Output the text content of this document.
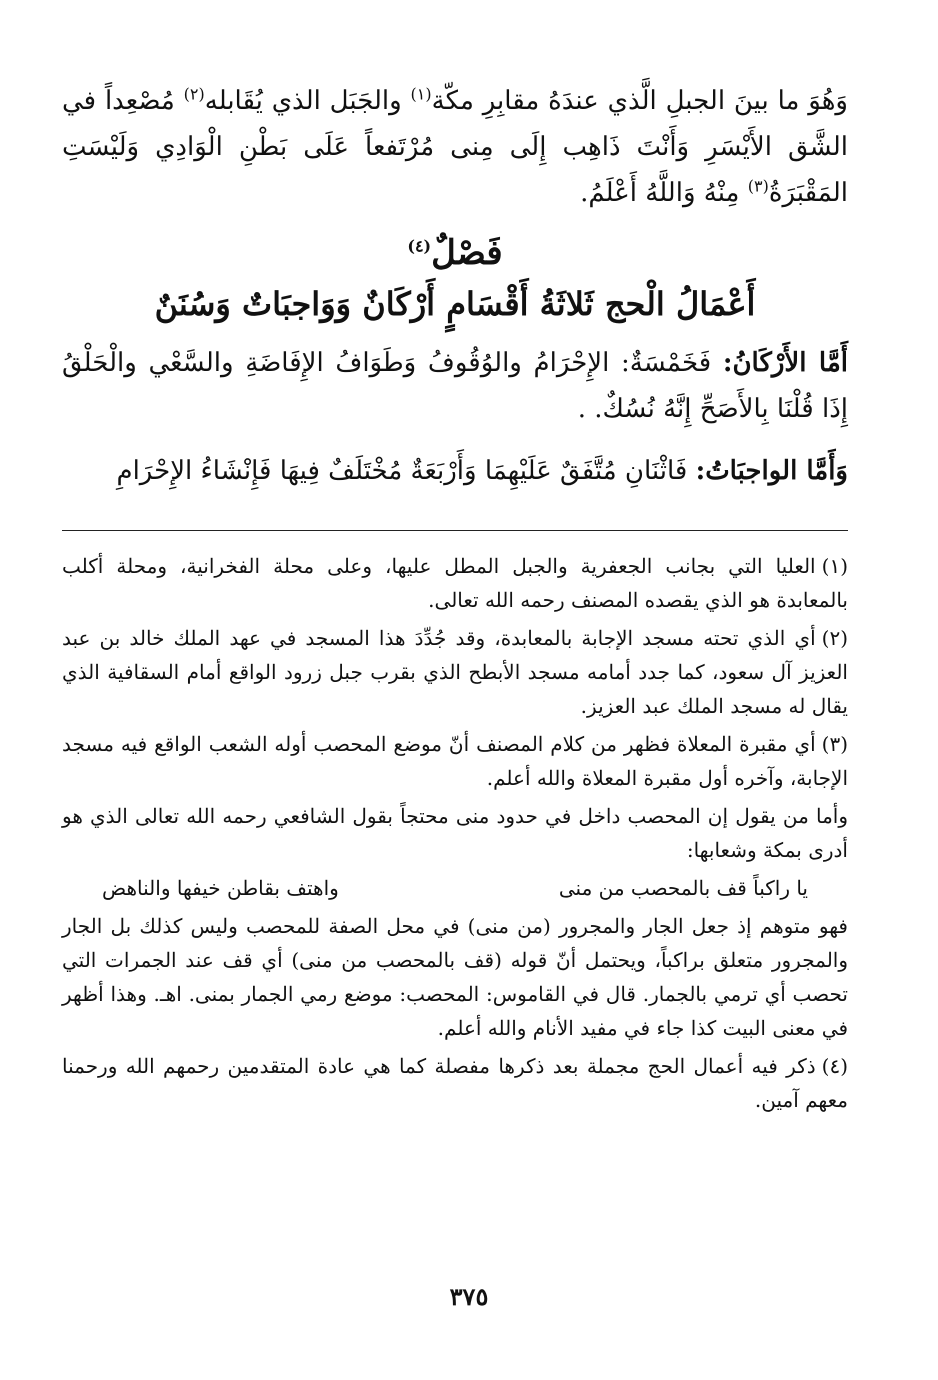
وَهُوَ ما بينَ الجبلِ الَّذي عندَهُ مقابِرِ مكّة$^{(١)}$ والجَبَل الذي يُقَابله$^{(٢)}$ مُصْعِداً في الشَّق الأَيْسَرِ وَأَنْتَ ذَاهِب إِلَى مِنى مُرْتَفعاً عَلَى بَطْنِ الْوَادِي وَلَيْسَتِ المَقْبَرَةُ$^{(٣)}$ مِنْهُ وَاللَّهُ أَعْلَمُ.

فَصْلٌ$^{(٤)}$

أَعْمَالُ الْحج ثَلاثَةُ أَقْسَامٍ أَرْكَانٌ وَوَاجبَاتٌ وَسُنَنٌ

أَمَّا الأَرْكَانُ: فَخَمْسَةٌ: الإِحْرَامُ والوُقُوفُ وَطَوَافُ الإِفَاضَةِ والسَّعْي والْحَلْقُ إِذَا قُلْنَا بِالأَصَحِّ إِنَّهُ نُسُكٌ. .

وَأَمَّا الواجبَاتُ: فَاثْنَانِ مُتَّفَقٌ عَلَيْهِمَا وَأَرْبَعَةٌ مُخْتَلَفٌ فِيهَا فَإِنْشَاءُ الإِحْرَامِ

(١)العليا التي بجانب الجعفرية والجبل المطل عليها، وعلى محلة الفخرانية، ومحلة أكلب بالمعابدة هو الذي يقصده المصنف رحمه الله تعالى.

(٢)أي الذي تحته مسجد الإجابة بالمعابدة، وقد جُدِّدَ هذا المسجد في عهد الملك خالد بن عبد العزيز آل سعود، كما جدد أمامه مسجد الأبطح الذي بقرب جبل زرود الواقع أمام السقافية الذي يقال له مسجد الملك عبد العزيز.

(٣)أي مقبرة المعلاة فظهر من كلام المصنف أنّ موضع المحصب أوله الشعب الواقع فيه مسجد الإجابة، وآخره أول مقبرة المعلاة والله أعلم.

وأما من يقول إن المحصب داخل في حدود منى محتجاً بقول الشافعي رحمه الله تعالى الذي هو أدرى بمكة وشعابها:

يا راكباً قف بالمحصب من منى
واهتف بقاطن خيفها والناهض

فهو متوهم إذ جعل الجار والمجرور (من منى) في محل الصفة للمحصب وليس كذلك بل الجار والمجرور متعلق براكباً، ويحتمل أنّ قوله (قف بالمحصب من منى) أي قف عند الجمرات التي تحصب أي ترمي بالجمار. قال في القاموس: المحصب: موضع رمي الجمار بمنى. اهـ. وهذا أظهر في معنى البيت كذا جاء في مفيد الأنام والله أعلم.

(٤)ذكر فيه أعمال الحج مجملة بعد ذكرها مفصلة كما هي عادة المتقدمين رحمهم الله ورحمنا معهم آمين.

٣٧٥
